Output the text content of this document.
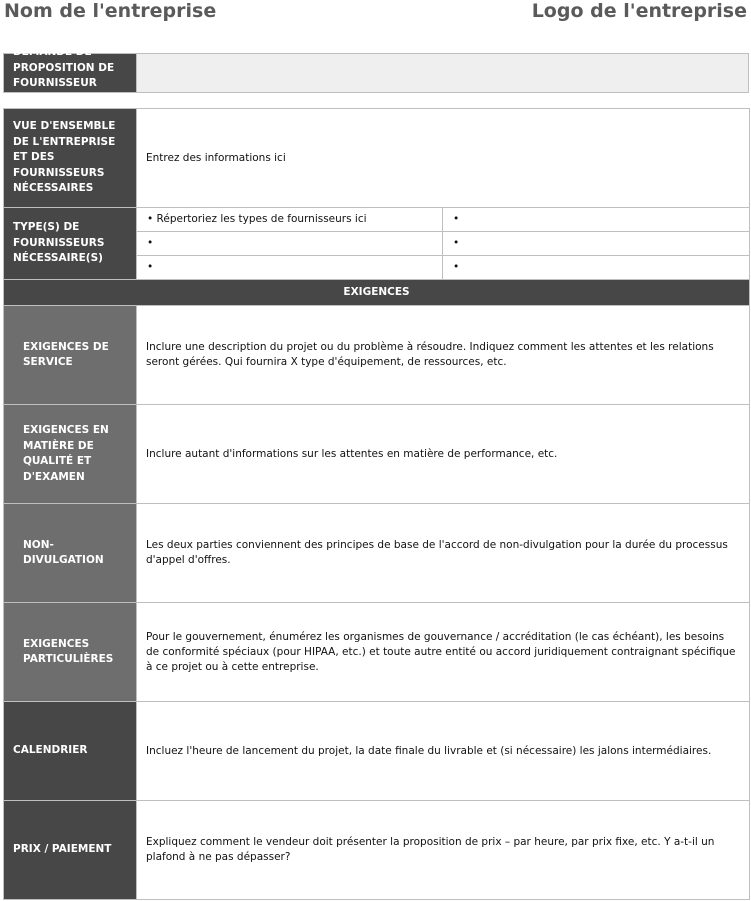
Nom de l'entreprise	Logo de l'entreprise
DEMANDE DE PROPOSITION DE FOURNISSEUR

VUE D'ENSEMBLE DE L'ENTREPRISE ET DES FOURNISSEURS NÉCESSAIRES	Entrez des informations ici	
TYPE(S) DE FOURNISSEURS NÉCESSAIRE(S)	• Répertoriez les types de fournisseurs ici	•
	•	•
	•	•
EXIGENCES		
EXIGENCES DE SERVICE	Inclure une description du projet ou du problème à résoudre. Indiquez comment les attentes et les relations seront gérées. Qui fournira X type d'équipement, de ressources, etc.	
EXIGENCES EN MATIÈRE DE QUALITÉ ET D'EXAMEN	Inclure autant d'informations sur les attentes en matière de performance, etc.	
NON-DIVULGATION	Les deux parties conviennent des principes de base de l'accord de non-divulgation pour la durée du processus d'appel d'offres.	
EXIGENCES PARTICULIÈRES	Pour le gouvernement, énumérez les organismes de gouvernance / accréditation (le cas échéant), les besoins de conformité spéciaux (pour HIPAA, etc.) et toute autre entité ou accord juridiquement contraignant spécifique à ce projet ou à cette entreprise.	
CALENDRIER	Incluez l'heure de lancement du projet, la date finale du livrable et (si nécessaire) les jalons intermédiaires.	
PRIX / PAIEMENT	Expliquez comment le vendeur doit présenter la proposition de prix – par heure, par prix fixe, etc. Y a-t-il un plafond à ne pas dépasser?	
